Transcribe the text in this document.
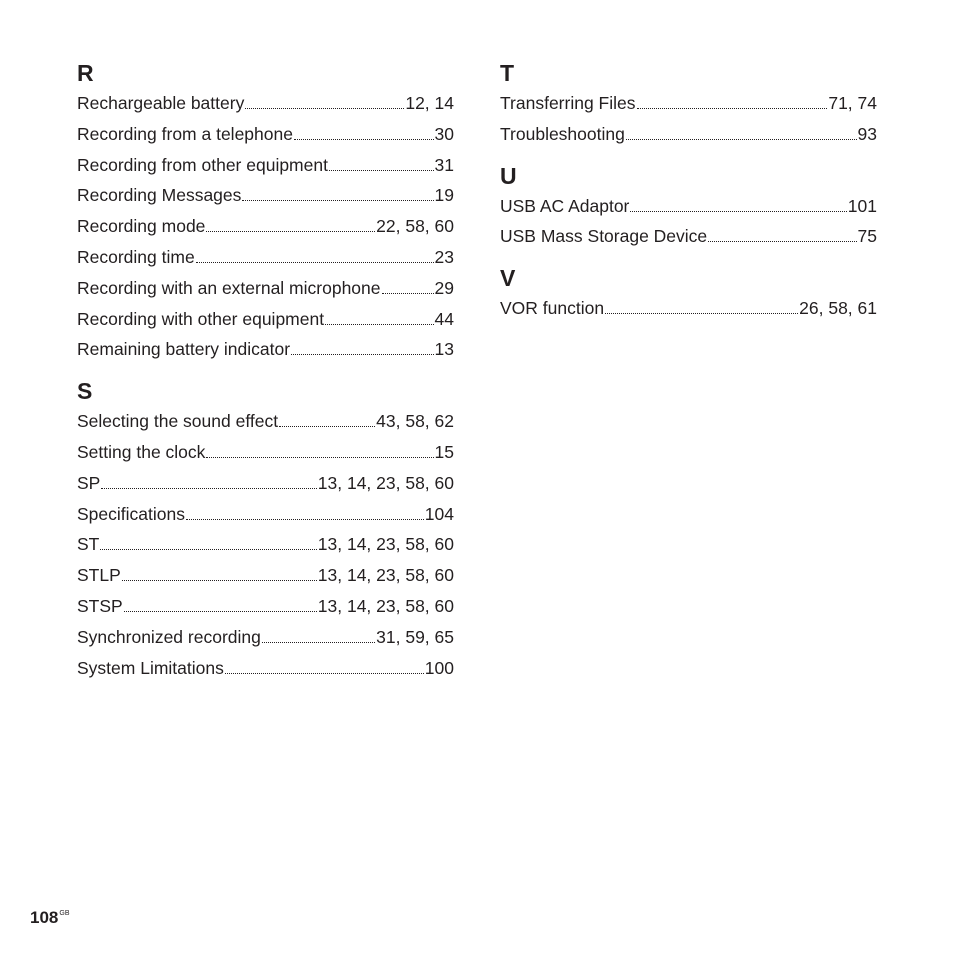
R
Rechargeable battery	12, 14
Recording from a telephone	30
Recording from other equipment	31
Recording Messages	19
Recording mode	22, 58, 60
Recording time	23
Recording with an external microphone	29
Recording with other equipment	44
Remaining battery indicator	13
S
Selecting the sound effect	43, 58, 62
Setting the clock	15
SP	13, 14, 23, 58, 60
Specifications	104
ST	13, 14, 23, 58, 60
STLP	13, 14, 23, 58, 60
STSP	13, 14, 23, 58, 60
Synchronized recording	31, 59, 65
System Limitations	100
T
Transferring Files	71, 74
Troubleshooting	93
U
USB AC Adaptor	101
USB Mass Storage Device	75
V
VOR function	26, 58, 61
$108^{GB}$
